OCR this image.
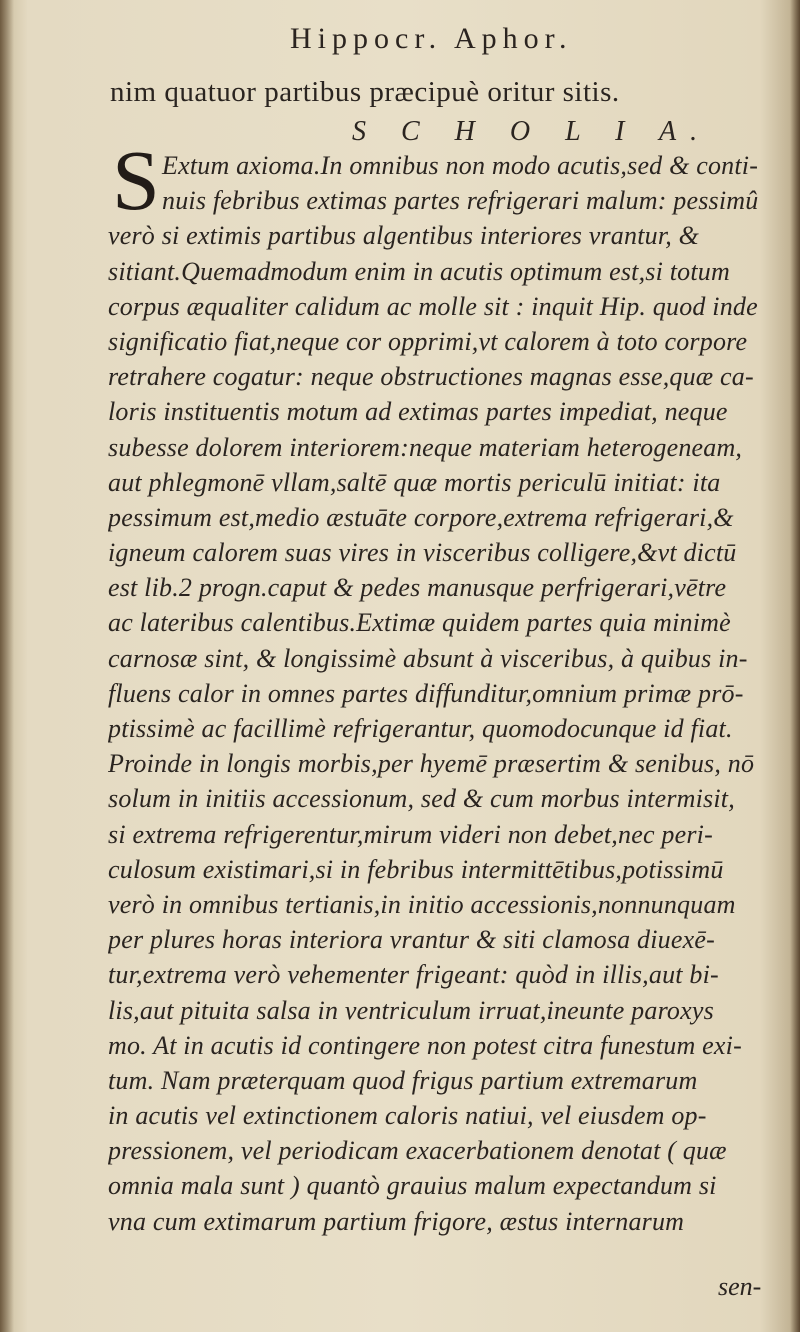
Hippocr. Aphor.
nim quatuor partibus præcipuè oritur sitis.
S C H O L I A.
S Extum axioma.In omnibus non modo acutis,sed & conti-
nuis febribus extimas partes refrigerari malum: pessimû
verò si extimis partibus algentibus interiores vrantur, &
sitiant.Quemadmodum enim in acutis optimum est,si totum
corpus æqualiter calidum ac molle sit : inquit Hip. quod inde
significatio fiat,neque cor opprimi,vt calorem à toto corpore
retrahere cogatur: neque obstructiones magnas esse,quæ ca-
loris instituentis motum ad extimas partes impediat, neque
subesse dolorem interiorem:neque materiam heterogeneam,
aut phlegmonē vllam,saltē quæ mortis periculū initiat: ita
pessimum est,medio æstuāte corpore,extrema refrigerari,&
igneum calorem suas vires in visceribus colligere,&vt dictū
est lib.2 progn.caput & pedes manusque perfrigerari,vētre
ac lateribus calentibus.Extimæ quidem partes quia minimè
carnosæ sint, & longissimè absunt à visceribus, à quibus in-
fluens calor in omnes partes diffunditur,omnium primæ prō-
ptissimè ac facillimè refrigerantur, quomodocunque id fiat.
Proinde in longis morbis,per hyemē præsertim & senibus, nō
solum in initiis accessionum, sed & cum morbus intermisit,
si extrema refrigerentur,mirum videri non debet,nec peri-
culosum existimari,si in febribus intermittētibus,potissimū
verò in omnibus tertianis,in initio accessionis,nonnunquam
per plures horas interiora vrantur & siti clamosa diuexē-
tur,extrema verò vehementer frigeant: quòd in illis,aut bi-
lis,aut pituita salsa in ventriculum irruat,ineunte paroxys
mo. At in acutis id contingere non potest citra funestum exi-
tum. Nam præterquam quod frigus partium extremarum
in acutis vel extinctionem caloris natiui, vel eiusdem op-
pressionem, vel periodicam exacerbationem denotat ( quæ
omnia mala sunt ) quantò grauius malum expectandum si
vna cum extimarum partium frigore, æstus internarum
sen-
